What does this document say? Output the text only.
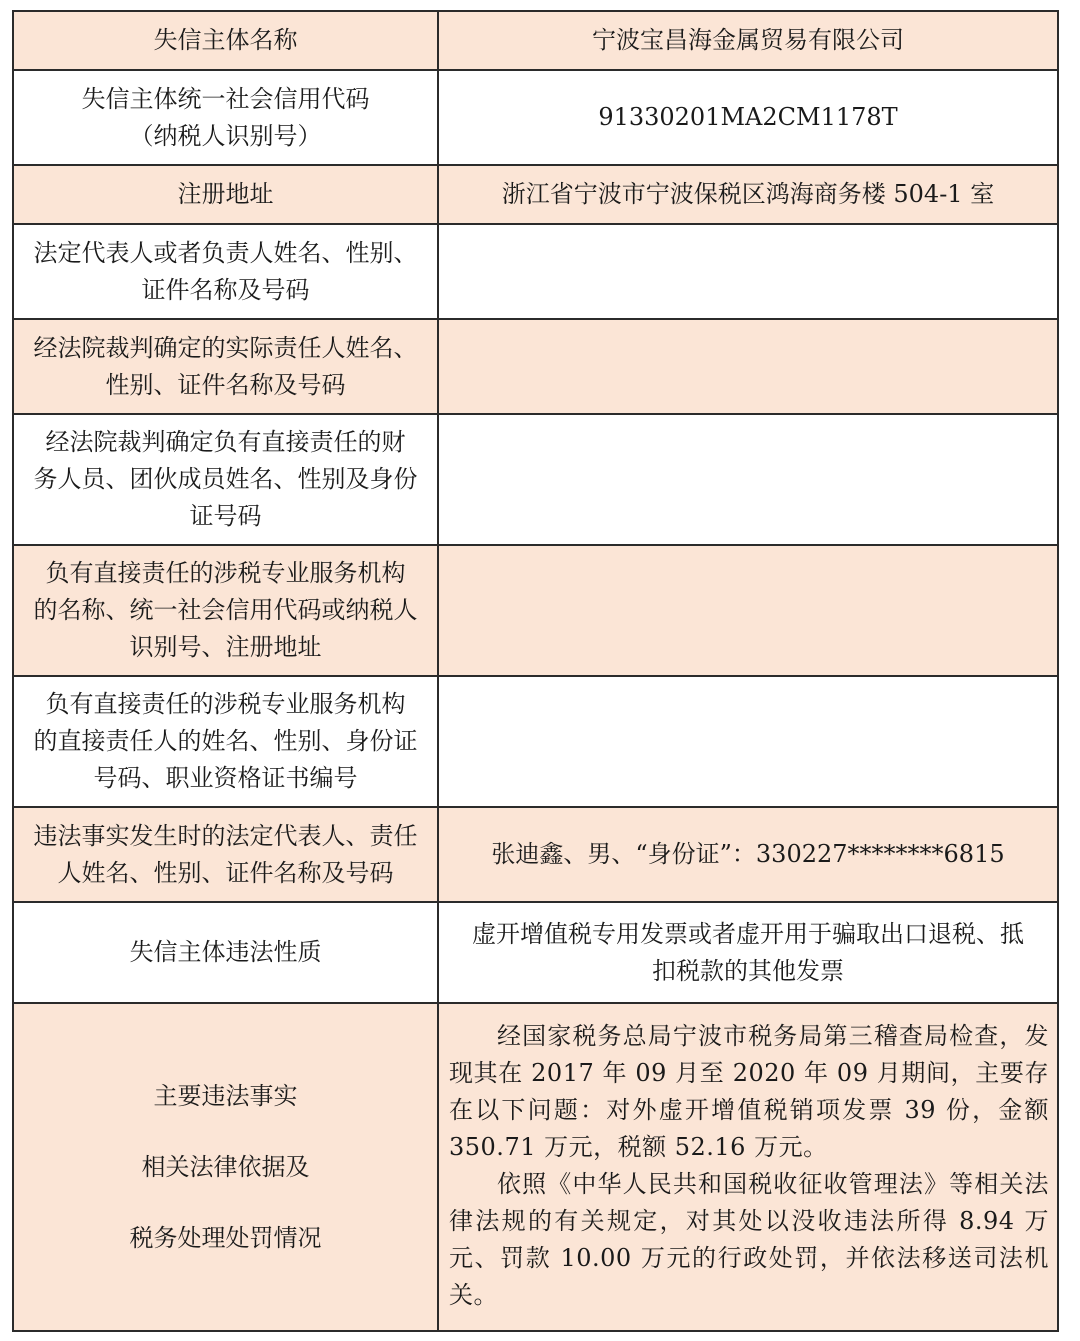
失信主体名称	宁波宝昌海金属贸易有限公司

失信主体统一社会信用代码
（纳税人识别号）	91330201MA2CM1178T

注册地址	浙江省宁波市宁波保税区鸿海商务楼 504-1 室

法定代表人或者负责人姓名、性别、
证件名称及号码	

经法院裁判确定的实际责任人姓名、
性别、证件名称及号码	

经法院裁判确定负有直接责任的财
务人员、团伙成员姓名、性别及身份
证号码	

负有直接责任的涉税专业服务机构
的名称、统一社会信用代码或纳税人
识别号、注册地址	

负有直接责任的涉税专业服务机构
的直接责任人的姓名、性别、身份证
号码、职业资格证书编号	

违法事实发生时的法定代表人、责任
人姓名、性别、证件名称及号码	张迪鑫、男、“身份证”：330227********6815

失信主体违法性质	虚开增值税专用发票或者虚开用于骗取出口退税、抵
扣税款的其他发票

主要违法事实
相关法律依据及
税务处理处罚情况	经国家税务总局宁波市税务局第三稽查局检查，发现其在 2017 年 09 月至 2020 年 09 月期间，主要存在以下问题：对外虚开增值税销项发票 39 份，金额 350.71 万元，税额 52.16 万元。
依照《中华人民共和国税收征收管理法》等相关法律法规的有关规定，对其处以没收违法所得 8.94 万元、罚款 10.00 万元的行政处罚，并依法移送司法机关。
